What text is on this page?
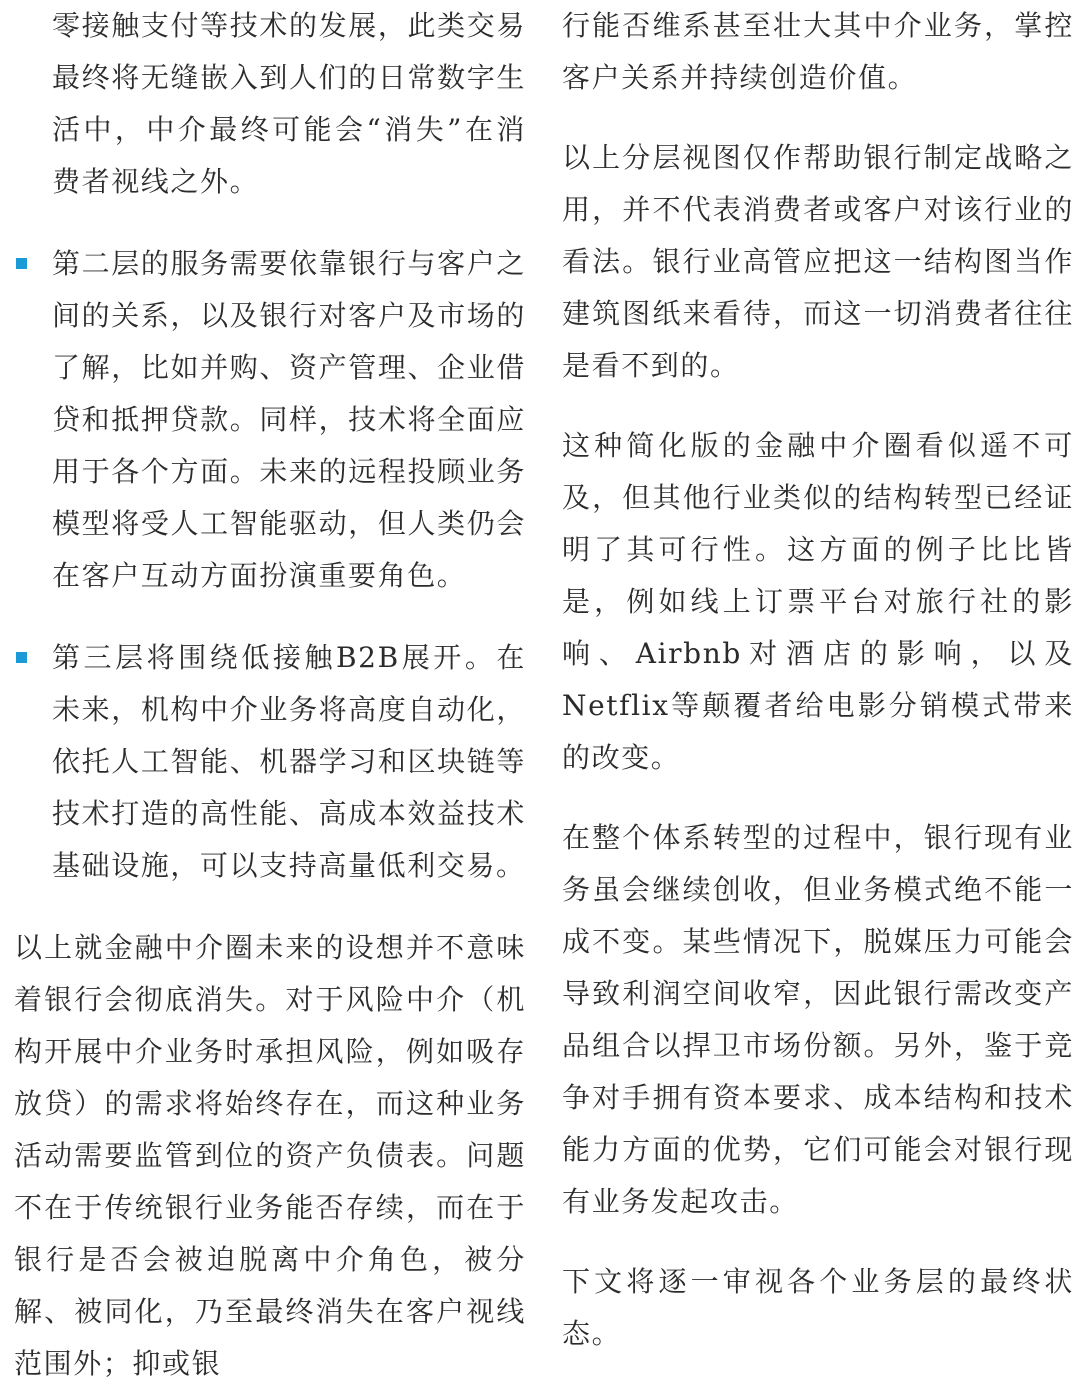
零接触支付等技术的发展，此类交易最终将无缝嵌入到人们的日常数字生活中，中介最终可能会“消失”在消费者视线之外。

第二层的服务需要依靠银行与客户之间的关系，以及银行对客户及市场的了解，比如并购、资产管理、企业借贷和抵押贷款。同样，技术将全面应用于各个方面。未来的远程投顾业务模型将受人工智能驱动，但人类仍会在客户互动方面扮演重要角色。

第三层将围绕低接触B2B展开。在未来，机构中介业务将高度自动化，依托人工智能、机器学习和区块链等技术打造的高性能、高成本效益技术基础设施，可以支持高量低利交易。

以上就金融中介圈未来的设想并不意味着银行会彻底消失。对于风险中介（机构开展中介业务时承担风险，例如吸存放贷）的需求将始终存在，而这种业务活动需要监管到位的资产负债表。问题不在于传统银行业务能否存续，而在于银行是否会被迫脱离中介角色，被分解、被同化，乃至最终消失在客户视线范围外；抑或银

行能否维系甚至壮大其中介业务，掌控客户关系并持续创造价值。

以上分层视图仅作帮助银行制定战略之用，并不代表消费者或客户对该行业的看法。银行业高管应把这一结构图当作建筑图纸来看待，而这一切消费者往往是看不到的。

这种简化版的金融中介圈看似遥不可及，但其他行业类似的结构转型已经证明了其可行性。这方面的例子比比皆是，例如线上订票平台对旅行社的影响、Airbnb对酒店的影响，以及Netflix等颠覆者给电影分销模式带来的改变。

在整个体系转型的过程中，银行现有业务虽会继续创收，但业务模式绝不能一成不变。某些情况下，脱媒压力可能会导致利润空间收窄，因此银行需改变产品组合以捍卫市场份额。另外，鉴于竞争对手拥有资本要求、成本结构和技术能力方面的优势，它们可能会对银行现有业务发起攻击。

下文将逐一审视各个业务层的最终状态。
